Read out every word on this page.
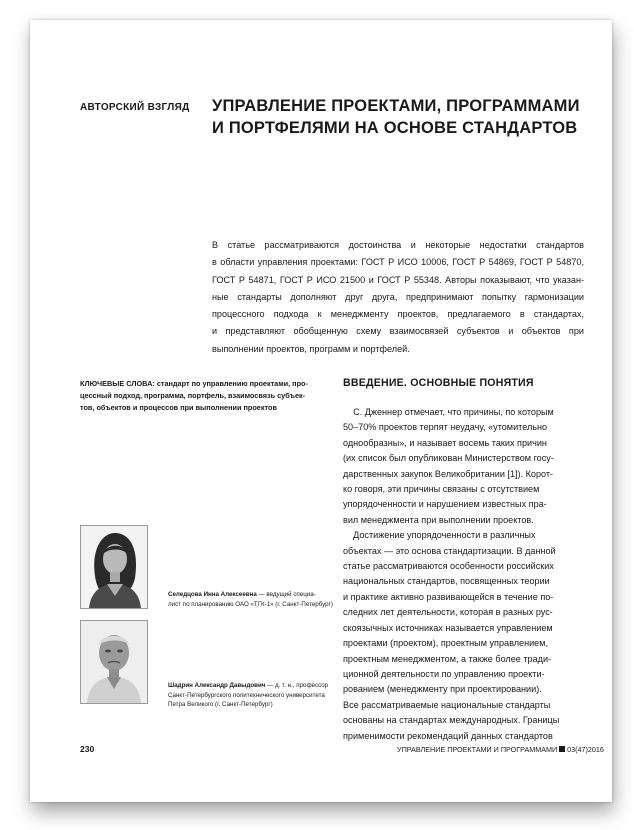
АВТОРСКИЙ ВЗГЛЯД УПРАВЛЕНИЕ ПРОЕКТАМИ, ПРОГРАММАМИ
И ПОРТФЕЛЯМИ НА ОСНОВЕ СТАНДАРТОВ
В статье рассматриваются достоинства и некоторые недостатки стандартов
в области управления проектами: ГОСТ Р ИСО 10006, ГОСТ Р 54869, ГОСТ Р 54870,
ГОСТ Р 54871, ГОСТ Р ИСО 21500 и ГОСТ Р 55348. Авторы показывают, что указан-
ные стандарты дополняют друг друга, предпринимают попытку гармонизации
процессного подхода к менеджменту проектов, предлагаемого в стандартах,
и представляют обобщенную схему взаимосвязей субъектов и объектов при
выполнении проектов, программ и портфелей.
КЛЮЧЕВЫЕ СЛОВА: стандарт по управлению проектами, про-
цессный подход, программа, портфель, взаимосвязь субъек-
тов, объектов и процессов при выполнении проектов
ВВЕДЕНИЕ. ОСНОВНЫЕ ПОНЯТИЯ
С. Дженнер отмечает, что причины, по которым
50–70% проектов терпят неудачу, «утомительно
однообразны», и называет восемь таких причин
(их список был опубликован Министерством госу-
дарственных закупок Великобритании [1]). Корот-
ко говоря, эти причины связаны с отсутствием
упорядоченности и нарушением известных пра-
вил менеджмента при выполнении проектов.
Достижение упорядоченности в различных
объектах — это основа стандартизации. В данной
статье рассматриваются особенности российских
национальных стандартов, посвященных теории
и практике активно развивающейся в течение по-
следних лет деятельности, которая в разных рус-
скоязычных источниках называется управлением
проектами (проектом), проектным управлением,
проектным менеджментом, а также более тради-
ционной деятельности по управлению проекти-
рованием (менеджменту при проектировании).
Все рассматриваемые национальные стандарты
основаны на стандартах международных. Границы
применимости рекомендаций данных стандартов
Селедцова Инна Алексеевна — ведущий специа-
лист по планированию ОАО «ТГК-1» (г. Санкт-Петербург)
Шадрин Александр Давыдович — д. т. н., профессор
Санкт-Петербургского политехнического университета
Петра Великого (г. Санкт-Петербург)
230	УПРАВЛЕНИЕ ПРОЕКТАМИ И ПРОГРАММАМИ 03(47)2016
